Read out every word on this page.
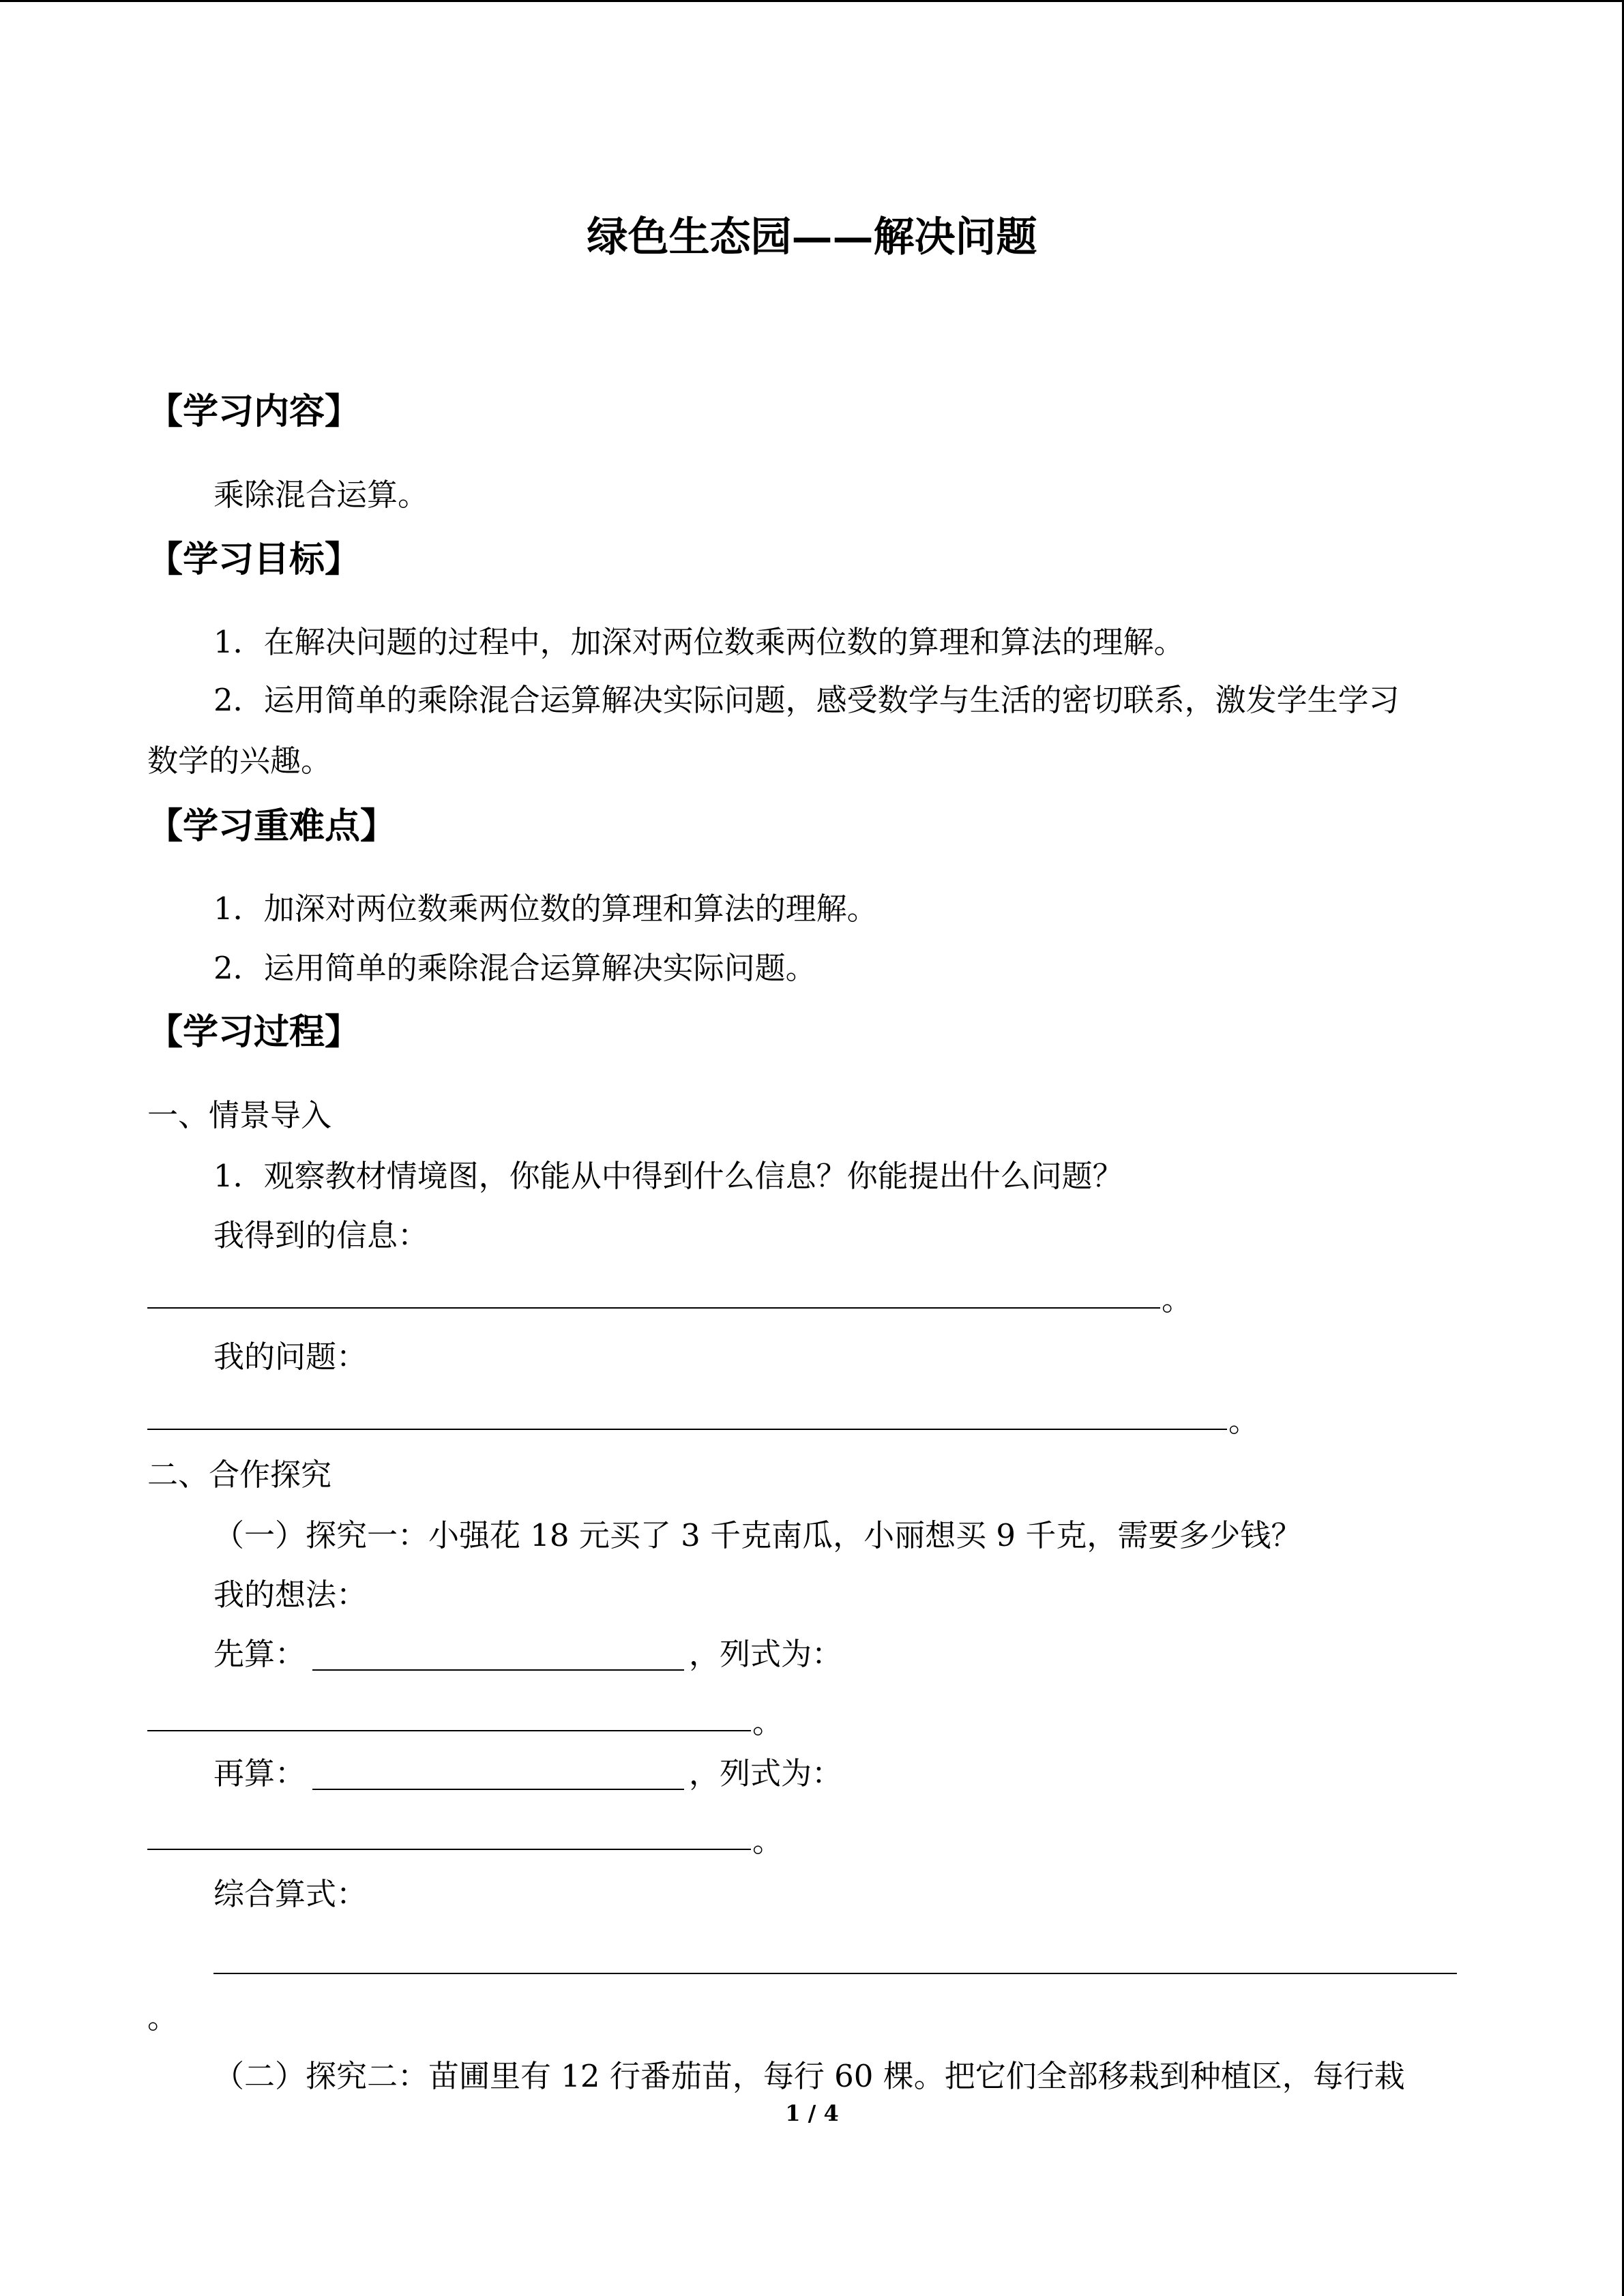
绿色生态园——解决问题
【学习内容】
乘除混合运算。
【学习目标】
1．在解决问题的过程中，加深对两位数乘两位数的算理和算法的理解。
2．运用简单的乘除混合运算解决实际问题，感受数学与生活的密切联系，激发学生学习
数学的兴趣。
【学习重难点】
1．加深对两位数乘两位数的算理和算法的理解。
2．运用简单的乘除混合运算解决实际问题。
【学习过程】
一、情景导入
1．观察教材情境图，你能从中得到什么信息？你能提出什么问题？
我得到的信息：
。
我的问题：
。
二、合作探究
（一）探究一：小强花 18 元买了 3 千克南瓜，小丽想买 9 千克，需要多少钱？
我的想法：
先算：	，列式为：
。
再算：	，列式为：
。
综合算式：
。
（二）探究二：苗圃里有 12 行番茄苗，每行 60 棵。把它们全部移栽到种植区，每行栽
1 / 4
